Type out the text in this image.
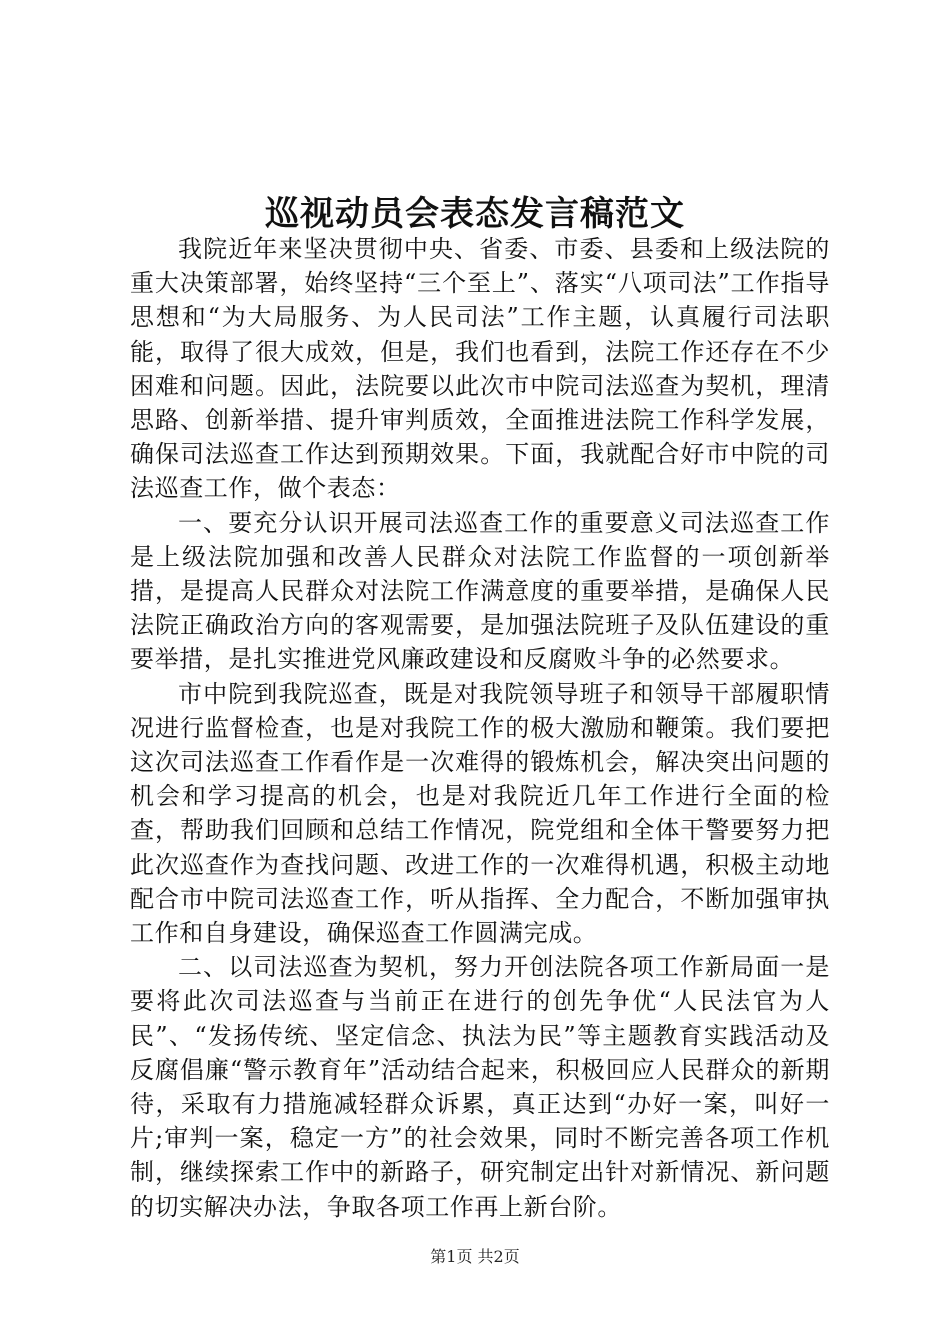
巡视动员会表态发言稿范文

我院近年来坚决贯彻中央、省委、市委、县委和上级法院的重大决策部署，始终坚持“三个至上”、落实“八项司法”工作指导思想和“为大局服务、为人民司法”工作主题，认真履行司法职能，取得了很大成效，但是，我们也看到，法院工作还存在不少困难和问题。因此，法院要以此次市中院司法巡查为契机，理清思路、创新举措、提升审判质效，全面推进法院工作科学发展，确保司法巡查工作达到预期效果。下面，我就配合好市中院的司法巡查工作，做个表态：

一、要充分认识开展司法巡查工作的重要意义司法巡查工作是上级法院加强和改善人民群众对法院工作监督的一项创新举措，是提高人民群众对法院工作满意度的重要举措，是确保人民法院正确政治方向的客观需要，是加强法院班子及队伍建设的重要举措，是扎实推进党风廉政建设和反腐败斗争的必然要求。

市中院到我院巡查，既是对我院领导班子和领导干部履职情况进行监督检查，也是对我院工作的极大激励和鞭策。我们要把这次司法巡查工作看作是一次难得的锻炼机会，解决突出问题的机会和学习提高的机会，也是对我院近几年工作进行全面的检查，帮助我们回顾和总结工作情况，院党组和全体干警要努力把此次巡查作为查找问题、改进工作的一次难得机遇，积极主动地配合市中院司法巡查工作，听从指挥、全力配合，不断加强审执工作和自身建设，确保巡查工作圆满完成。

二、以司法巡查为契机，努力开创法院各项工作新局面一是要将此次司法巡查与当前正在进行的创先争优“人民法官为人民”、“发扬传统、坚定信念、执法为民”等主题教育实践活动及反腐倡廉“警示教育年”活动结合起来，积极回应人民群众的新期待，采取有力措施减轻群众诉累，真正达到“办好一案，叫好一片;审判一案，稳定一方”的社会效果，同时不断完善各项工作机制，继续探索工作中的新路子，研究制定出针对新情况、新问题的切实解决办法，争取各项工作再上新台阶。

第1页 共2页
